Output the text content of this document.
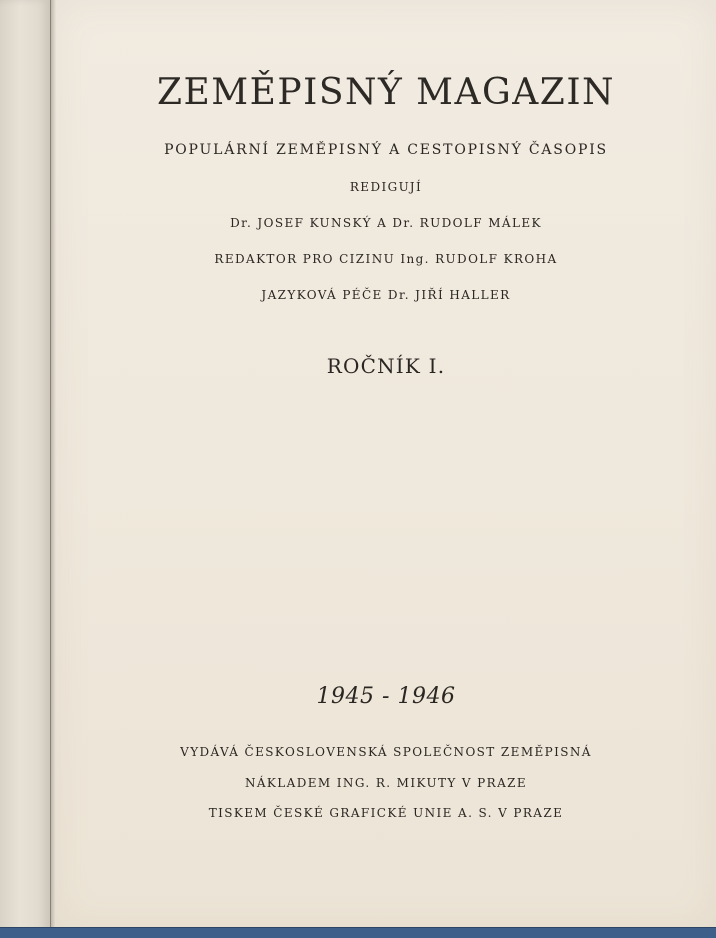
ZEMĚPISNÝ MAGAZIN
POPULÁRNÍ ZEMĚPISNÝ A CESTOPISNÝ ČASOPIS
REDIGUJÍ
Dr. JOSEF KUNSKÝ A Dr. RUDOLF MÁLEK
REDAKTOR PRO CIZINU Ing. RUDOLF KROHA
JAZYKOVÁ PÉČE Dr. JIŘÍ HALLER
ROČNÍK I.
1945 - 1946
VYDÁVÁ ČESKOSLOVENSKÁ SPOLEČNOST ZEMĚPISNÁ
NÁKLADEM ING. R. MIKUTY V PRAZE
TISKEM ČESKÉ GRAFICKÉ UNIE A. S. V PRAZE
